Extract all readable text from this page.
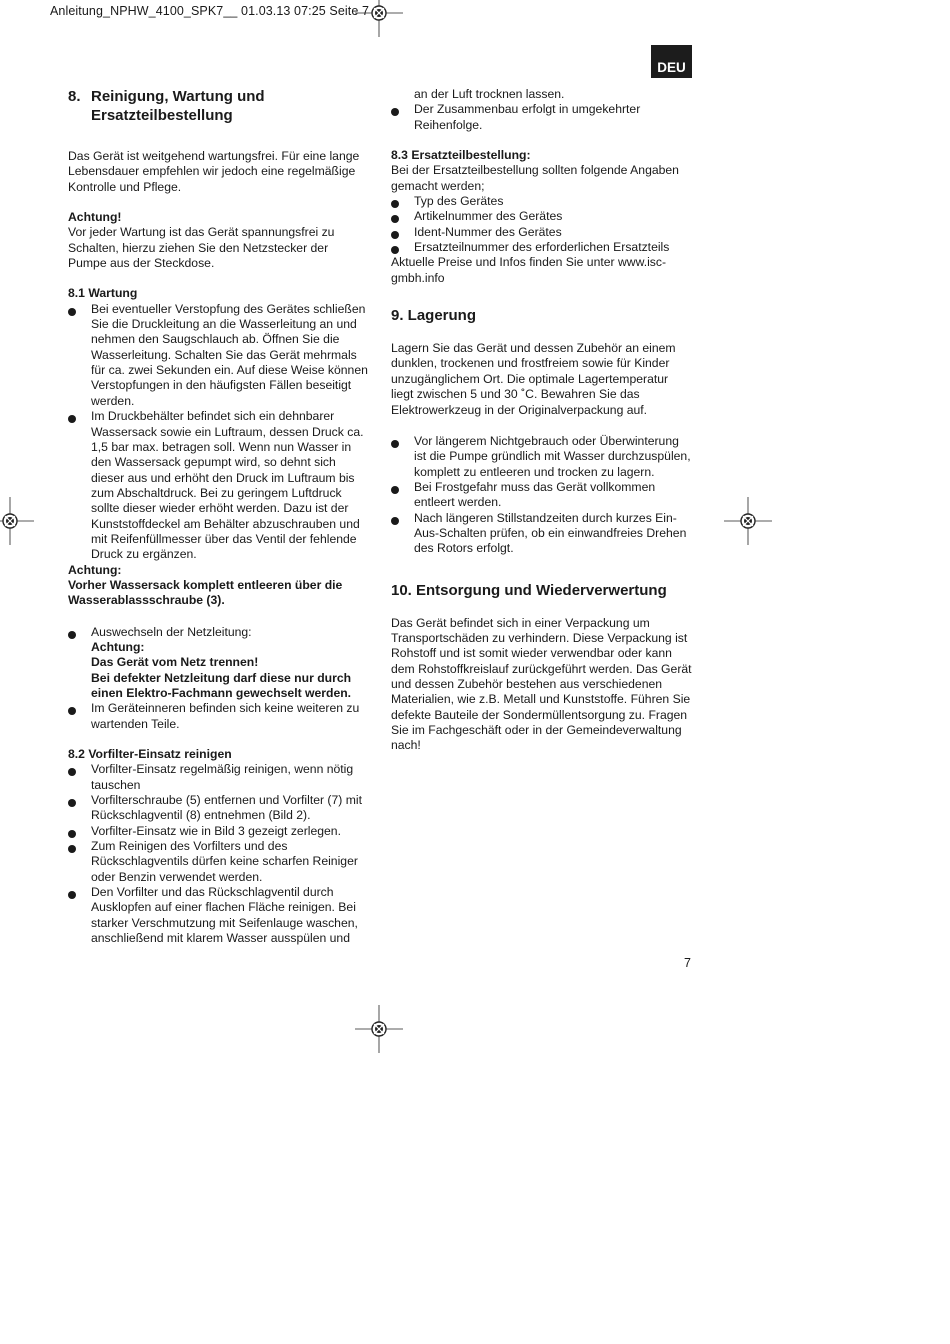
Anleitung_NPHW_4100_SPK7__ 01.03.13 07:25 Seite 7
DEU
8. Reinigung, Wartung und Ersatzteilbestellung

Das Gerät ist weitgehend wartungsfrei. Für eine lange Lebensdauer empfehlen wir jedoch eine regelmäßige Kontrolle und Pflege.

Achtung!

Vor jeder Wartung ist das Gerät spannungsfrei zu Schalten, hierzu ziehen Sie den Netzstecker der Pumpe aus der Steckdose.

8.1 Wartung

Bei eventueller Verstopfung des Gerätes schließen Sie die Druckleitung an die Wasserleitung an und nehmen den Saugschlauch ab. Öffnen Sie die Wasserleitung. Schalten Sie das Gerät mehrmals für ca. zwei Sekunden ein. Auf diese Weise können Verstopfungen in den häufigsten Fällen beseitigt werden.
Im Druckbehälter befindet sich ein dehnbarer Wassersack sowie ein Luftraum, dessen Druck ca. 1,5 bar max. betragen soll. Wenn nun Wasser in den Wassersack gepumpt wird, so dehnt sich dieser aus und erhöht den Druck im Luftraum bis zum Abschaltdruck. Bei zu geringem Luftdruck sollte dieser wieder erhöht werden. Dazu ist der Kunststoffdeckel am Behälter abzuschrauben und mit Reifenfüllmesser über das Ventil der fehlende Druck zu ergänzen.

Achtung:

Vorher Wassersack komplett entleeren über die Wasserablassschraube (3).

Auswechseln der Netzleitung:
Achtung:
Das Gerät vom Netz trennen!
Bei defekter Netzleitung darf diese nur durch einen Elektro-Fachmann gewechselt werden.
Im Geräteinneren befinden sich keine weiteren zu wartenden Teile.

8.2 Vorfilter-Einsatz reinigen

Vorfilter-Einsatz regelmäßig reinigen, wenn nötig tauschen
Vorfilterschraube (5) entfernen und Vorfilter (7) mit Rückschlagventil (8) entnehmen (Bild 2).
Vorfilter-Einsatz wie in Bild 3 gezeigt zerlegen.
Zum Reinigen des Vorfilters und des Rückschlagventils dürfen keine scharfen Reiniger oder Benzin verwendet werden.
Den Vorfilter und das Rückschlagventil durch Ausklopfen auf einer flachen Fläche reinigen. Bei starker Verschmutzung mit Seifenlauge waschen, anschließend mit klarem Wasser ausspülen und
an der Luft trocknen lassen.
Der Zusammenbau erfolgt in umgekehrter Reihenfolge.

8.3 Ersatzteilbestellung:

Bei der Ersatzteilbestellung sollten folgende Angaben gemacht werden;

Typ des Gerätes
Artikelnummer des Gerätes
Ident-Nummer des Gerätes
Ersatzteilnummer des erforderlichen Ersatzteils

Aktuelle Preise und Infos finden Sie unter www.isc-gmbh.info

9. Lagerung

Lagern Sie das Gerät und dessen Zubehör an einem dunklen, trockenen und frostfreiem sowie für Kinder unzugänglichem Ort. Die optimale Lagertemperatur liegt zwischen 5 und 30 ˚C. Bewahren Sie das Elektrowerkzeug in der Originalverpackung auf.

Vor längerem Nichtgebrauch oder Überwinterung ist die Pumpe gründlich mit Wasser durchzuspülen, komplett zu entleeren und trocken zu lagern.
Bei Frostgefahr muss das Gerät vollkommen entleert werden.
Nach längeren Stillstandzeiten durch kurzes Ein-Aus-Schalten prüfen, ob ein einwandfreies Drehen des Rotors erfolgt.

10. Entsorgung und Wiederverwertung

Das Gerät befindet sich in einer Verpackung um Transportschäden zu verhindern. Diese Verpackung ist Rohstoff und ist somit wieder verwendbar oder kann dem Rohstoffkreislauf zurückgeführt werden. Das Gerät und dessen Zubehör bestehen aus verschiedenen Materialien, wie z.B. Metall und Kunststoffe. Führen Sie defekte Bauteile der Sondermüllentsorgung zu. Fragen Sie im Fachgeschäft oder in der Gemeindeverwaltung nach!

7
